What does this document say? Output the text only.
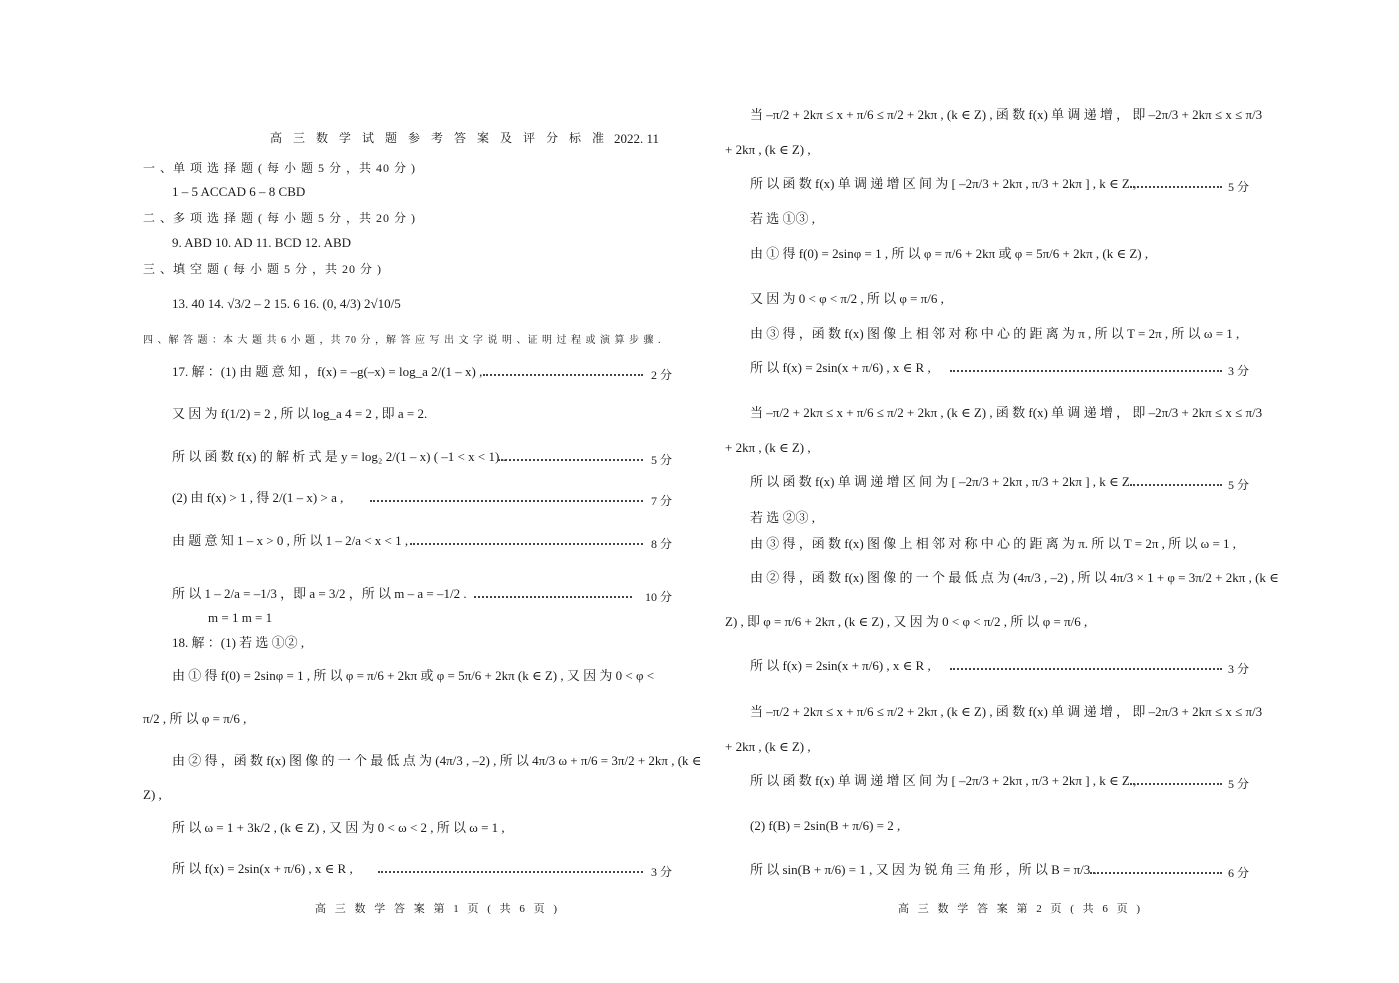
高 三 数 学 试 题 参 考 答 案 及 评 分 标 准 2022. 11
一 、单 项 选 择 题 ( 每 小 题 5 分 ，共 40 分 )
1 – 5 ACCAD 6 – 8 CBD
二 、多 项 选 择 题 ( 每 小 题 5 分 ，共 20 分 )
9. ABD 10. AD 11. BCD 12. ABD
三 、填 空 题 ( 每 小 题 5 分 ，共 20 分 )
13. 40 14. √3/2 – 2 15. 6 16. (0, 4/3) 2√10/5
四 、解 答 题 ：本 大 题 共 6 小 题 ，共 70 分 ，解 答 应 写 出 文 字 说 明 、证 明 过 程 或 演 算 步 骤 .
17. 解 ：(1) 由 题 意 知 ，f(x) = –g(–x) = log_a 2/(1 – x) ,	2 分
又 因 为 f(1/2) = 2 , 所 以 log_a 4 = 2 , 即 a = 2.
所 以 函 数 f(x) 的 解 析 式 是 y = log₂ 2/(1 – x) ( –1 < x < 1) .	5 分
(2) 由 f(x) > 1 , 得 2/(1 – x) > a ,	7 分
由 题 意 知 1 – x > 0 , 所 以 1 – 2/a < x < 1 ,	8 分
所 以 1 – 2/a = –1/3 ，即 a = 3/2 ，所 以 m – a = –1/2 .	10 分
m = 1 m = 1
18. 解 ：(1) 若 选 ①② ,
由 ① 得 f(0) = 2sinφ = 1 , 所 以 φ = π/6 + 2kπ 或 φ = 5π/6 + 2kπ (k ∈ Z) , 又 因 为 0 < φ <
π/2 , 所 以 φ = π/6 ,
由 ② 得 ，函 数 f(x) 图 像 的 一 个 最 低 点 为 (4π/3 , –2) , 所 以 4π/3 ω + π/6 = 3π/2 + 2kπ , (k ∈
Z) ,
所 以 ω = 1 + 3k/2 , (k ∈ Z) , 又 因 为 0 < ω < 2 , 所 以 ω = 1 ,
所 以 f(x) = 2sin(x + π/6) , x ∈ R ,	3 分
高 三 数 学 答 案 第 1 页 ( 共 6 页 )
当 –π/2 + 2kπ ≤ x + π/6 ≤ π/2 + 2kπ , (k ∈ Z) , 函 数 f(x) 单 调 递 增 ， 即 –2π/3 + 2kπ ≤ x ≤ π/3
+ 2kπ , (k ∈ Z) ,
所 以 函 数 f(x) 单 调 递 增 区 间 为 [ –2π/3 + 2kπ , π/3 + 2kπ ] , k ∈ Z ,	5 分
若 选 ①③ ,
由 ① 得 f(0) = 2sinφ = 1 , 所 以 φ = π/6 + 2kπ 或 φ = 5π/6 + 2kπ , (k ∈ Z) ,
又 因 为 0 < φ < π/2 , 所 以 φ = π/6 ,
由 ③ 得 ，函 数 f(x) 图 像 上 相 邻 对 称 中 心 的 距 离 为 π , 所 以 T = 2π , 所 以 ω = 1 ,
所 以 f(x) = 2sin(x + π/6) , x ∈ R ,	3 分
当 –π/2 + 2kπ ≤ x + π/6 ≤ π/2 + 2kπ , (k ∈ Z) , 函 数 f(x) 单 调 递 增 ， 即 –2π/3 + 2kπ ≤ x ≤ π/3
+ 2kπ , (k ∈ Z) ,
所 以 函 数 f(x) 单 调 递 增 区 间 为 [ –2π/3 + 2kπ , π/3 + 2kπ ] , k ∈ Z	5 分
若 选 ②③ ,
由 ③ 得 ，函 数 f(x) 图 像 上 相 邻 对 称 中 心 的 距 离 为 π. 所 以 T = 2π , 所 以 ω = 1 ,
由 ② 得 ，函 数 f(x) 图 像 的 一 个 最 低 点 为 (4π/3 , –2) , 所 以 4π/3 × 1 + φ = 3π/2 + 2kπ , (k ∈
Z) , 即 φ = π/6 + 2kπ , (k ∈ Z) , 又 因 为 0 < φ < π/2 , 所 以 φ = π/6 ,
所 以 f(x) = 2sin(x + π/6) , x ∈ R ,	3 分
当 –π/2 + 2kπ ≤ x + π/6 ≤ π/2 + 2kπ , (k ∈ Z) , 函 数 f(x) 单 调 递 增 ， 即 –2π/3 + 2kπ ≤ x ≤ π/3
+ 2kπ , (k ∈ Z) ,
所 以 函 数 f(x) 单 调 递 增 区 间 为 [ –2π/3 + 2kπ , π/3 + 2kπ ] , k ∈ Z ,	5 分
(2) f(B) = 2sin(B + π/6) = 2 ,
所 以 sin(B + π/6) = 1 , 又 因 为 锐 角 三 角 形 ，所 以 B = π/3 .	6 分
高 三 数 学 答 案 第 2 页 ( 共 6 页 )
